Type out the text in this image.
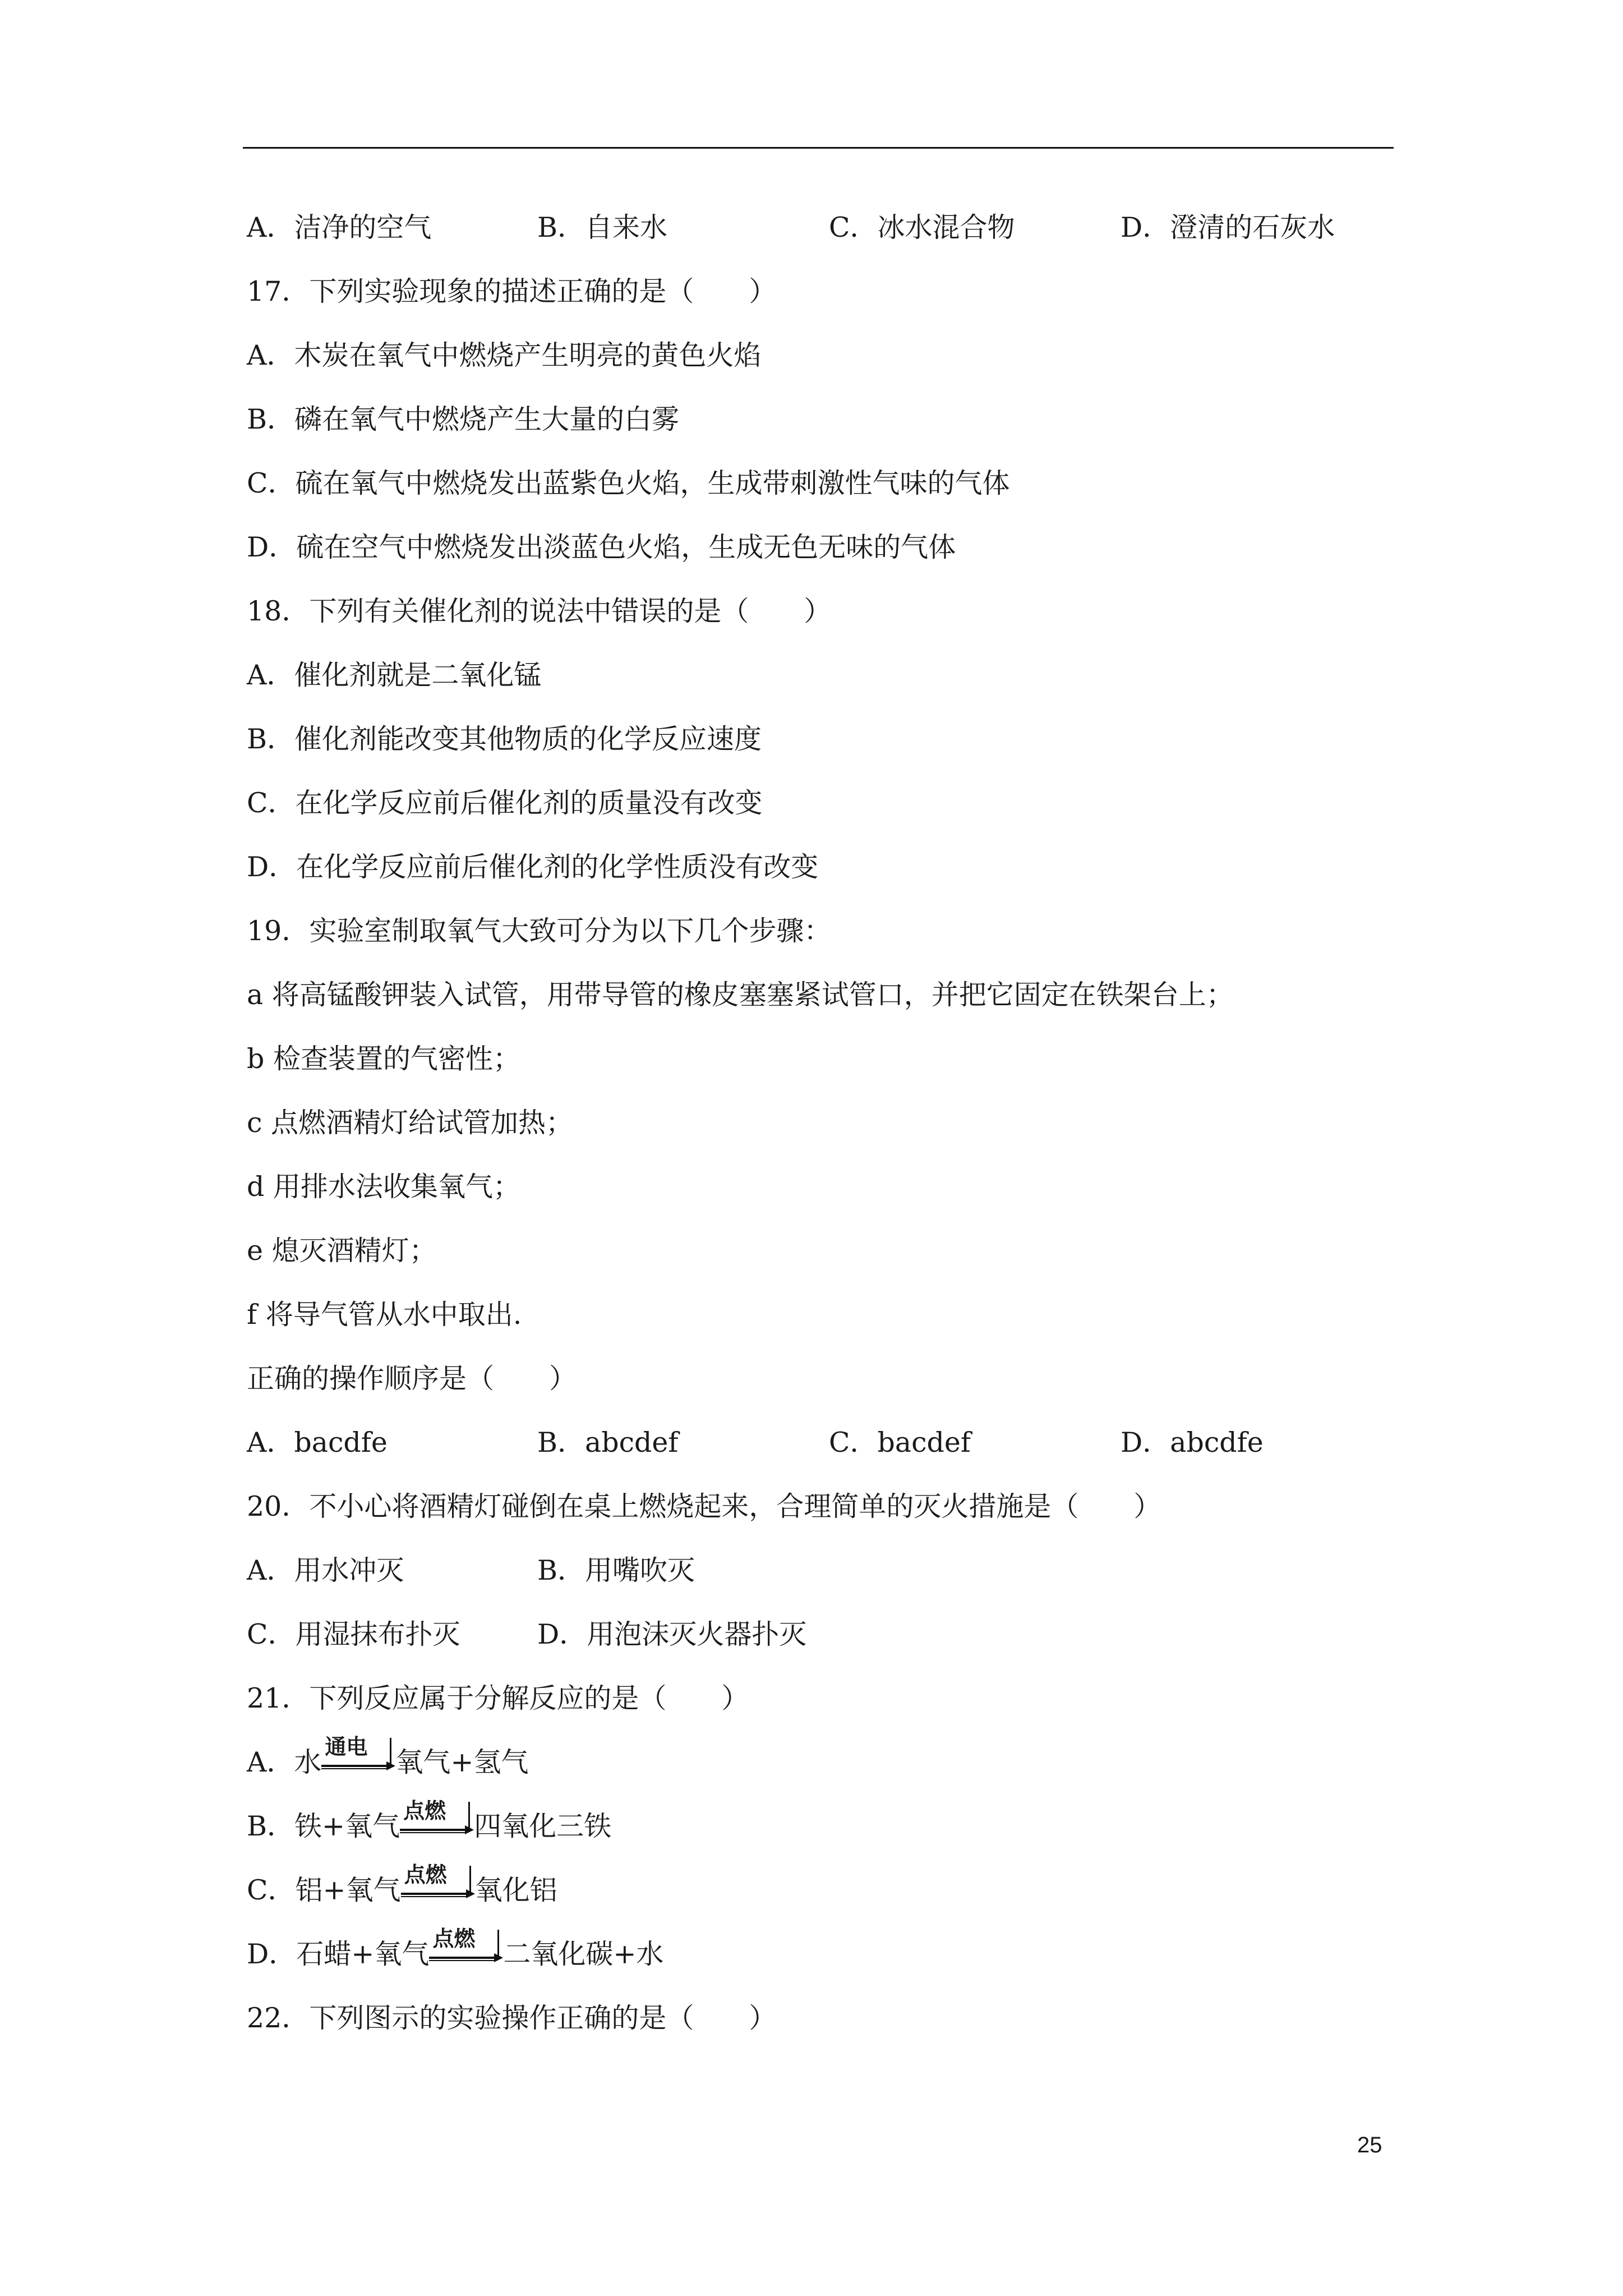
A．洁净的空气	B．自来水	C．冰水混合物	D．澄清的石灰水
17．下列实验现象的描述正确的是（　　）
A．木炭在氧气中燃烧产生明亮的黄色火焰
B．磷在氧气中燃烧产生大量的白雾
C．硫在氧气中燃烧发出蓝紫色火焰，生成带刺激性气味的气体
D．硫在空气中燃烧发出淡蓝色火焰，生成无色无味的气体
18．下列有关催化剂的说法中错误的是（　　）
A．催化剂就是二氧化锰
B．催化剂能改变其他物质的化学反应速度
C．在化学反应前后催化剂的质量没有改变
D．在化学反应前后催化剂的化学性质没有改变
19．实验室制取氧气大致可分为以下几个步骤：
a 将高锰酸钾装入试管，用带导管的橡皮塞塞紧试管口，并把它固定在铁架台上；
b 检查装置的气密性；
c 点燃酒精灯给试管加热；
d 用排水法收集氧气；
e 熄灭酒精灯；
f 将导气管从水中取出.
正确的操作顺序是（　　）
A．bacdfe	B．abcdef	C．bacdef	D．abcdfe
20．不小心将酒精灯碰倒在桌上燃烧起来，合理简单的灭火措施是（　　）
A．用水冲灭	B．用嘴吹灭
C．用湿抹布扑灭	D．用泡沫灭火器扑灭
21．下列反应属于分解反应的是（　　）
A．水 通电 氧气+氢气
B．铁+氧气 点燃 四氧化三铁
C．铝+氧气 点燃 氧化铝
D．石蜡+氧气 点燃 二氧化碳+水
22．下列图示的实验操作正确的是（　　）
25
